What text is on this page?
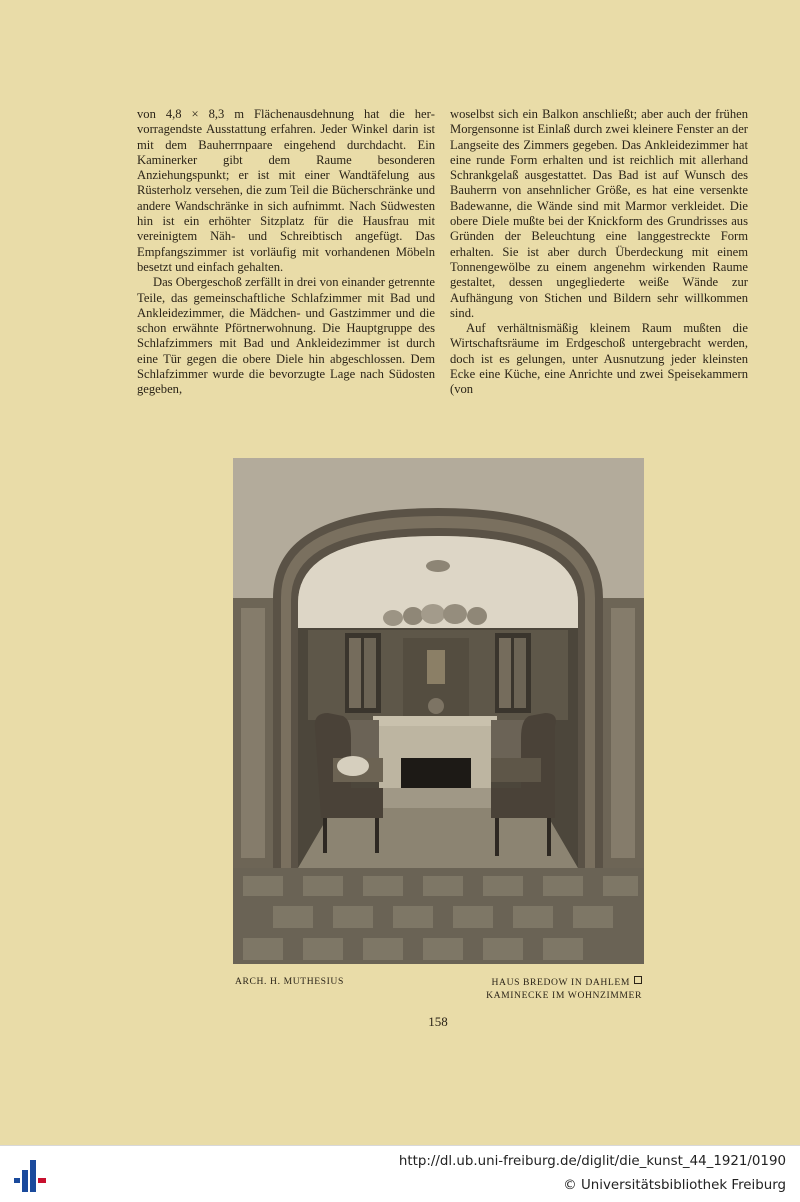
von 4,8 × 8,3 m Flächenausdehnung hat die hervorragendste Ausstattung erfahren. Jeder Winkel darin ist mit dem Bauherrnpaare eingehend durchdacht. Ein Kaminerker gibt dem Raume besonderen Anziehungspunkt; er ist mit einer Wandtäfelung aus Rüsterholz versehen, die zum Teil die Bücherschränke und andere Wandschränke in sich aufnimmt. Nach Südwesten hin ist ein erhöhter Sitzplatz für die Hausfrau mit vereinigtem Näh- und Schreibtisch angefügt. Das Empfangszimmer ist vorläufig mit vorhandenen Möbeln besetzt und einfach gehalten.

Das Obergeschoß zerfällt in drei von einander getrennte Teile, das gemeinschaftliche Schlafzimmer mit Bad und Ankleidezimmer, die Mädchen- und Gastzimmer und die schon erwähnte Pförtnerwohnung. Die Hauptgruppe des Schlafzimmers mit Bad und Ankleidezimmer ist durch eine Tür gegen die obere Diele hin abgeschlossen. Dem Schlafzimmer wurde die bevorzugte Lage nach Südosten gegeben,

woselbst sich ein Balkon anschließt; aber auch der frühen Morgensonne ist Einlaß durch zwei kleinere Fenster an der Langseite des Zimmers gegeben. Das Ankleidezimmer hat eine runde Form erhalten und ist reichlich mit allerhand Schrankgelaß ausgestattet. Das Bad ist auf Wunsch des Bauherrn von ansehnlicher Größe, es hat eine versenkte Badewanne, die Wände sind mit Marmor verkleidet. Die obere Diele mußte bei der Knickform des Grundrisses aus Gründen der Beleuchtung eine langgestreckte Form erhalten. Sie ist aber durch Überdeckung mit einem Tonnengewölbe zu einem angenehm wirkenden Raume gestaltet, dessen ungegliederte weiße Wände zur Aufhängung von Stichen und Bildern sehr willkommen sind.

Auf verhältnismäßig kleinem Raum mußten die Wirtschaftsräume im Erdgeschoß untergebracht werden, doch ist es gelungen, unter Ausnutzung jeder kleinsten Ecke eine Küche, eine Anrichte und zwei Speisekammern (von

ARCH. H. MUTHESIUS	HAUS BREDOW IN DAHLEM
KAMINECKE IM WOHNZIMMER
158
http://dl.ub.uni-freiburg.de/diglit/die_kunst_44_1921/0190
© Universitätsbibliothek Freiburg
